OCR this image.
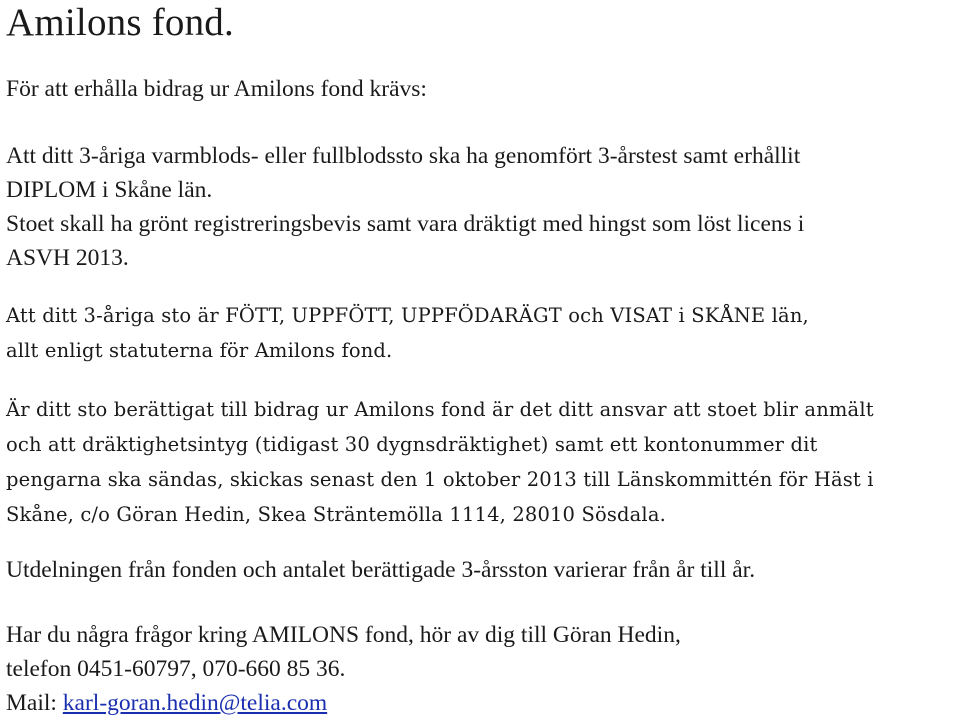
Amilons fond.
För att erhålla bidrag ur Amilons fond krävs:
Att ditt 3-åriga varmblods- eller fullblodssto ska ha genomfört 3-årstest samt erhållit
DIPLOM i Skåne län.
Stoet skall ha grönt registreringsbevis samt vara dräktigt med hingst som löst licens i
ASVH 2013.
Att ditt 3-åriga sto är FÖTT, UPPFÖTT, UPPFÖDARÄGT och VISAT i SKÅNE län,
allt enligt statuterna för Amilons fond.
Är ditt sto berättigat till bidrag ur Amilons fond är det ditt ansvar att stoet blir anmält
och att dräktighetsintyg (tidigast 30 dygnsdräktighet) samt ett kontonummer dit
pengarna ska sändas, skickas senast den 1 oktober 2013 till Länskommittén för Häst i
Skåne, c/o Göran Hedin, Skea Sträntemölla 1114, 28010 Sösdala.
Utdelningen från fonden och antalet berättigade 3-årsston varierar från år till år.
Har du några frågor kring AMILONS fond, hör av dig till Göran Hedin,
telefon 0451-60797, 070-660 85 36.
Mail: karl-goran.hedin@telia.com
